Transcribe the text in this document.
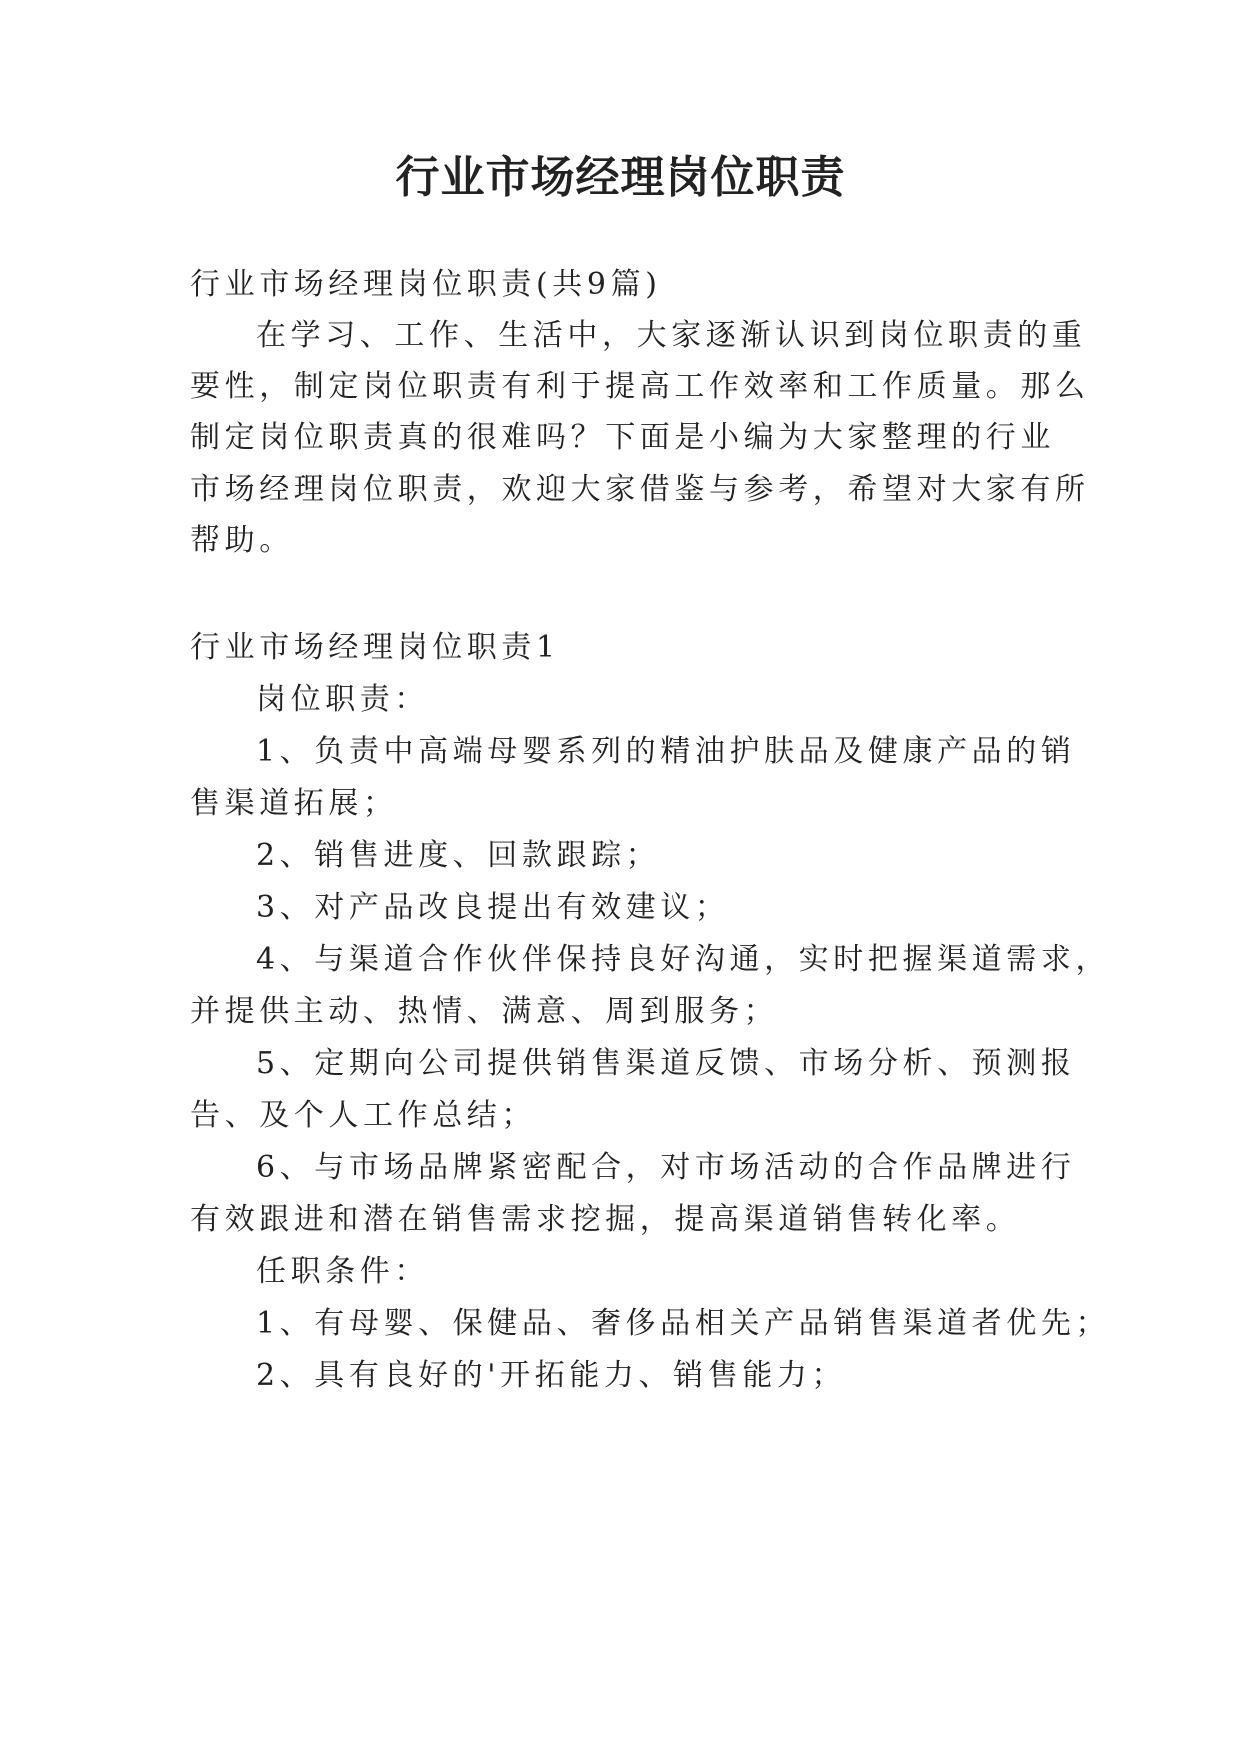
行业市场经理岗位职责
行业市场经理岗位职责(共9篇)
在学习、工作、生活中，大家逐渐认识到岗位职责的重
要性，制定岗位职责有利于提高工作效率和工作质量。那么
制定岗位职责真的很难吗？下面是小编为大家整理的行业
市场经理岗位职责，欢迎大家借鉴与参考，希望对大家有所
帮助。
行业市场经理岗位职责1
岗位职责：
1、负责中高端母婴系列的精油护肤品及健康产品的销
售渠道拓展；
2、销售进度、回款跟踪；
3、对产品改良提出有效建议；
4、与渠道合作伙伴保持良好沟通，实时把握渠道需求，
并提供主动、热情、满意、周到服务；
5、定期向公司提供销售渠道反馈、市场分析、预测报
告、及个人工作总结；
6、与市场品牌紧密配合，对市场活动的合作品牌进行
有效跟进和潜在销售需求挖掘，提高渠道销售转化率。
任职条件：
1、有母婴、保健品、奢侈品相关产品销售渠道者优先；
2、具有良好的'开拓能力、销售能力；
